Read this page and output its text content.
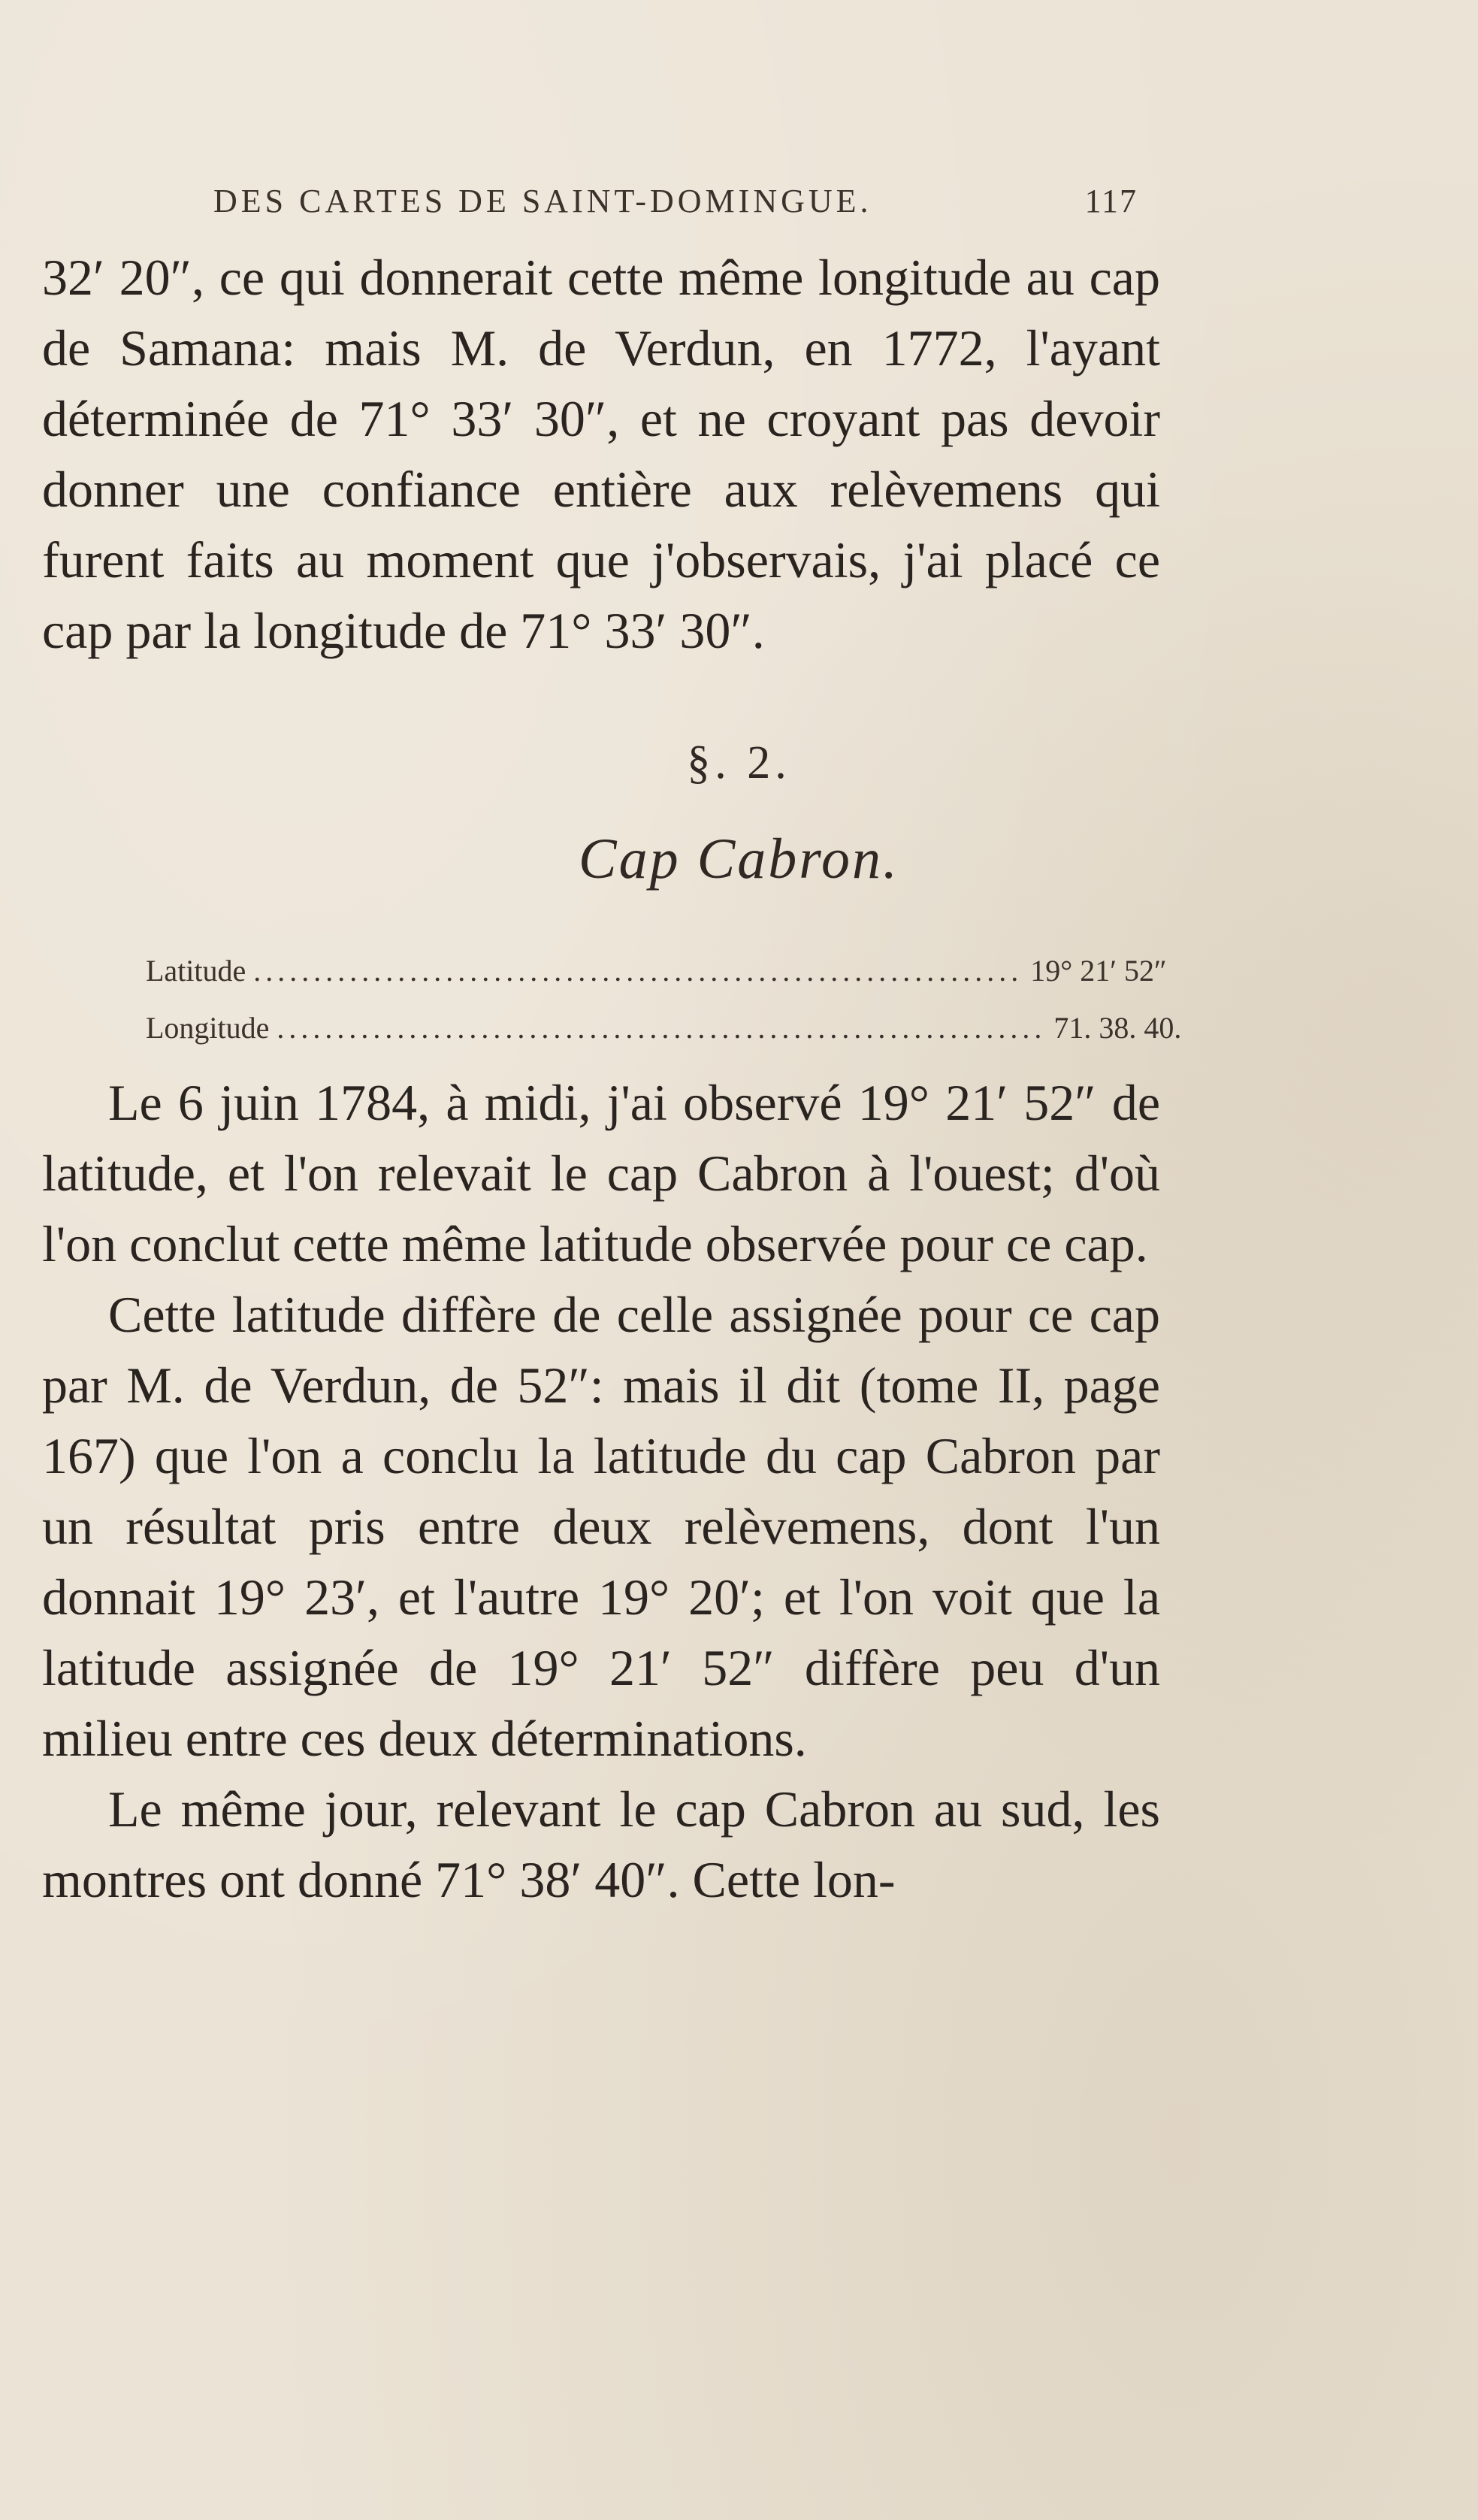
DES CARTES DE SAINT-DOMINGUE.	117

32′ 20″, ce qui donnerait cette même longitude au cap de Samana: mais M. de Verdun, en 1772, l'ayant déterminée de 71° 33′ 30″, et ne croyant pas devoir donner une confiance entière aux relèvemens qui furent faits au moment que j'observais, j'ai placé ce cap par la longitude de 71° 33′ 30″.

§. 2.
Cap Cabron.
Latitude ................................................................ 19° 21′ 52″
Longitude ................................................................ 71. 38. 40.

Le 6 juin 1784, à midi, j'ai observé 19° 21′ 52″ de latitude, et l'on relevait le cap Cabron à l'ouest; d'où l'on conclut cette même latitude observée pour ce cap.

Cette latitude diffère de celle assignée pour ce cap par M. de Verdun, de 52″: mais il dit (tome II, page 167) que l'on a conclu la latitude du cap Cabron par un résultat pris entre deux relèvemens, dont l'un donnait 19° 23′, et l'autre 19° 20′; et l'on voit que la latitude assignée de 19° 21′ 52″ diffère peu d'un milieu entre ces deux déterminations.

Le même jour, relevant le cap Cabron au sud, les montres ont donné 71° 38′ 40″. Cette lon-
